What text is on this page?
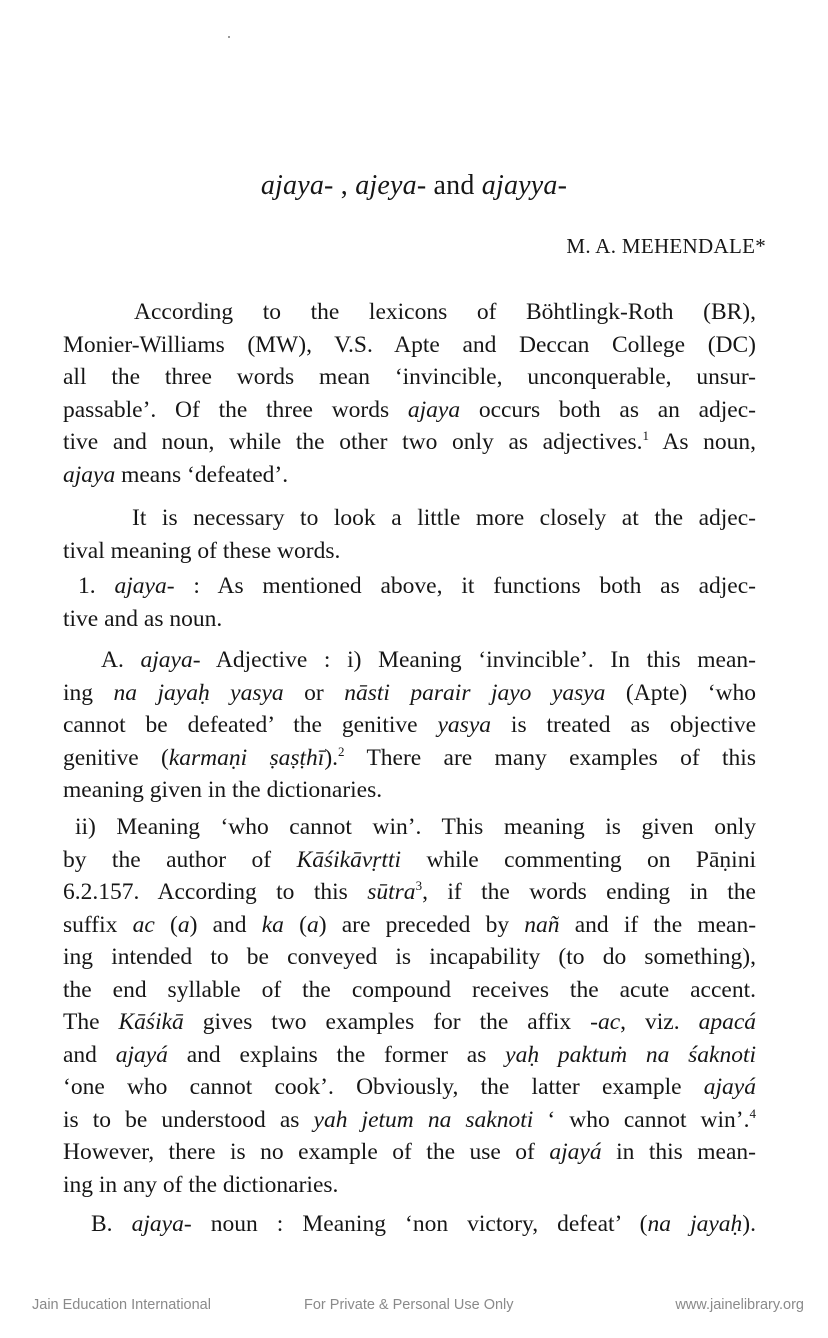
ajaya- , ajeya- and ajayya-
M. A. MEHENDALE*
According to the lexicons of Böhtlingk-Roth (BR),
Monier-Williams (MW), V.S. Apte and Deccan College (DC)
all the three words mean ‘invincible, unconquerable, unsur-
passable’. Of the three words ajaya occurs both as an adjec-
tive and noun, while the other two only as adjectives.$^1$ As noun,
ajaya means ‘defeated’.
It is necessary to look a little more closely at the adjec-
tival meaning of these words.
1. ajaya- : As mentioned above, it functions both as adjec-
tive and as noun.
A. ajaya- Adjective : i) Meaning ‘invincible’. In this mean-
ing na jayaḥ yasya or nāsti parair jayo yasya (Apte) ‘who
cannot be defeated’ the genitive yasya is treated as objective
genitive (karmaṇi ṣaṣṭhī).$^2$ There are many examples of this
meaning given in the dictionaries.
ii) Meaning ‘who cannot win’. This meaning is given only
by the author of Kāśikāvṛtti while commenting on Pāṇini
6.2.157. According to this sūtra$^3$, if the words ending in the
suffix ac (a) and ka (a) are preceded by nañ and if the mean-
ing intended to be conveyed is incapability (to do something),
the end syllable of the compound receives the acute accent.
The Kāśikā gives two examples for the affix -ac, viz. apacá
and ajayá and explains the former as yaḥ paktuṁ na śaknoti
‘one who cannot cook’. Obviously, the latter example ajayá
is to be understood as yah jetum na saknoti ‘ who cannot win’.$^4$
However, there is no example of the use of ajayá in this mean-
ing in any of the dictionaries.
B. ajaya- noun : Meaning ‘non victory, defeat’ (na jayaḥ).
Jain Education International	For Private & Personal Use Only	www.jainelibrary.org
